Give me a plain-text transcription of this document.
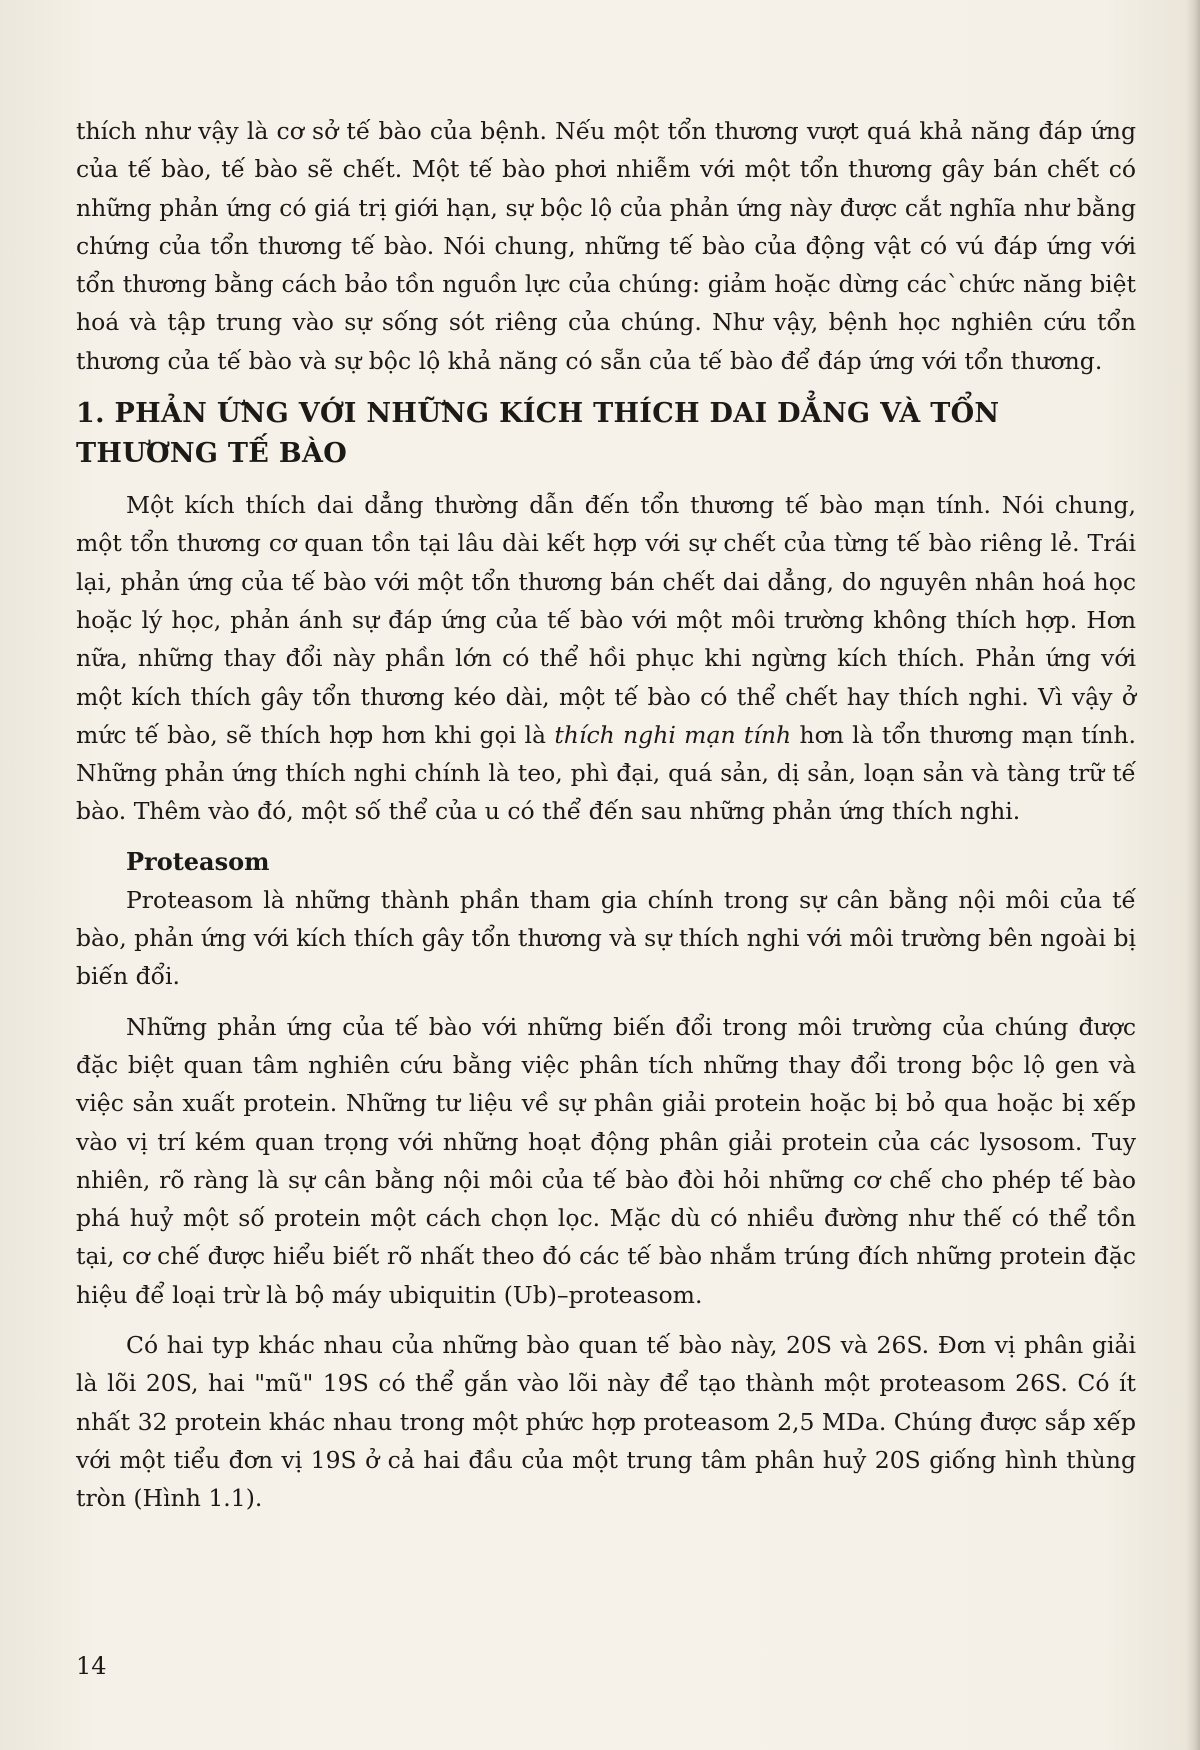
thích như vậy là cơ sở tế bào của bệnh. Nếu một tổn thương vượt quá khả năng đáp ứng của tế bào, tế bào sẽ chết. Một tế bào phơi nhiễm với một tổn thương gây bán chết có những phản ứng có giá trị giới hạn, sự bộc lộ của phản ứng này được cắt nghĩa như bằng chứng của tổn thương tế bào. Nói chung, những tế bào của động vật có vú đáp ứng với tổn thương bằng cách bảo tồn nguồn lực của chúng: giảm hoặc dừng các`chức năng biệt hoá và tập trung vào sự sống sót riêng của chúng. Như vậy, bệnh học nghiên cứu tổn thương của tế bào và sự bộc lộ khả năng có sẵn của tế bào để đáp ứng với tổn thương.

1. PHẢN ỨNG VỚI NHỮNG KÍCH THÍCH DAI DẲNG VÀ TỔN THƯƠNG TẾ BÀO

Một kích thích dai dẳng thường dẫn đến tổn thương tế bào mạn tính. Nói chung, một tổn thương cơ quan tồn tại lâu dài kết hợp với sự chết của từng tế bào riêng lẻ. Trái lại, phản ứng của tế bào với một tổn thương bán chết dai dẳng, do nguyên nhân hoá học hoặc lý học, phản ánh sự đáp ứng của tế bào với một môi trường không thích hợp. Hơn nữa, những thay đổi này phần lớn có thể hồi phục khi ngừng kích thích. Phản ứng với một kích thích gây tổn thương kéo dài, một tế bào có thể chết hay thích nghi. Vì vậy ở mức tế bào, sẽ thích hợp hơn khi gọi là thích nghi mạn tính hơn là tổn thương mạn tính. Những phản ứng thích nghi chính là teo, phì đại, quá sản, dị sản, loạn sản và tàng trữ tế bào. Thêm vào đó, một số thể của u có thể đến sau những phản ứng thích nghi.

Proteasom

Proteasom là những thành phần tham gia chính trong sự cân bằng nội môi của tế bào, phản ứng với kích thích gây tổn thương và sự thích nghi với môi trường bên ngoài bị biến đổi.

Những phản ứng của tế bào với những biến đổi trong môi trường của chúng được đặc biệt quan tâm nghiên cứu bằng việc phân tích những thay đổi trong bộc lộ gen và việc sản xuất protein. Những tư liệu về sự phân giải protein hoặc bị bỏ qua hoặc bị xếp vào vị trí kém quan trọng với những hoạt động phân giải protein của các lysosom. Tuy nhiên, rõ ràng là sự cân bằng nội môi của tế bào đòi hỏi những cơ chế cho phép tế bào phá huỷ một số protein một cách chọn lọc. Mặc dù có nhiều đường như thế có thể tồn tại, cơ chế được hiểu biết rõ nhất theo đó các tế bào nhắm trúng đích những protein đặc hiệu để loại trừ là bộ máy ubiquitin (Ub)–proteasom.

Có hai typ khác nhau của những bào quan tế bào này, 20S và 26S. Đơn vị phân giải là lõi 20S, hai "mũ" 19S có thể gắn vào lõi này để tạo thành một proteasom 26S. Có ít nhất 32 protein khác nhau trong một phức hợp proteasom 2,5 MDa. Chúng được sắp xếp với một tiểu đơn vị 19S ở cả hai đầu của một trung tâm phân huỷ 20S giống hình thùng tròn (Hình 1.1).

14
